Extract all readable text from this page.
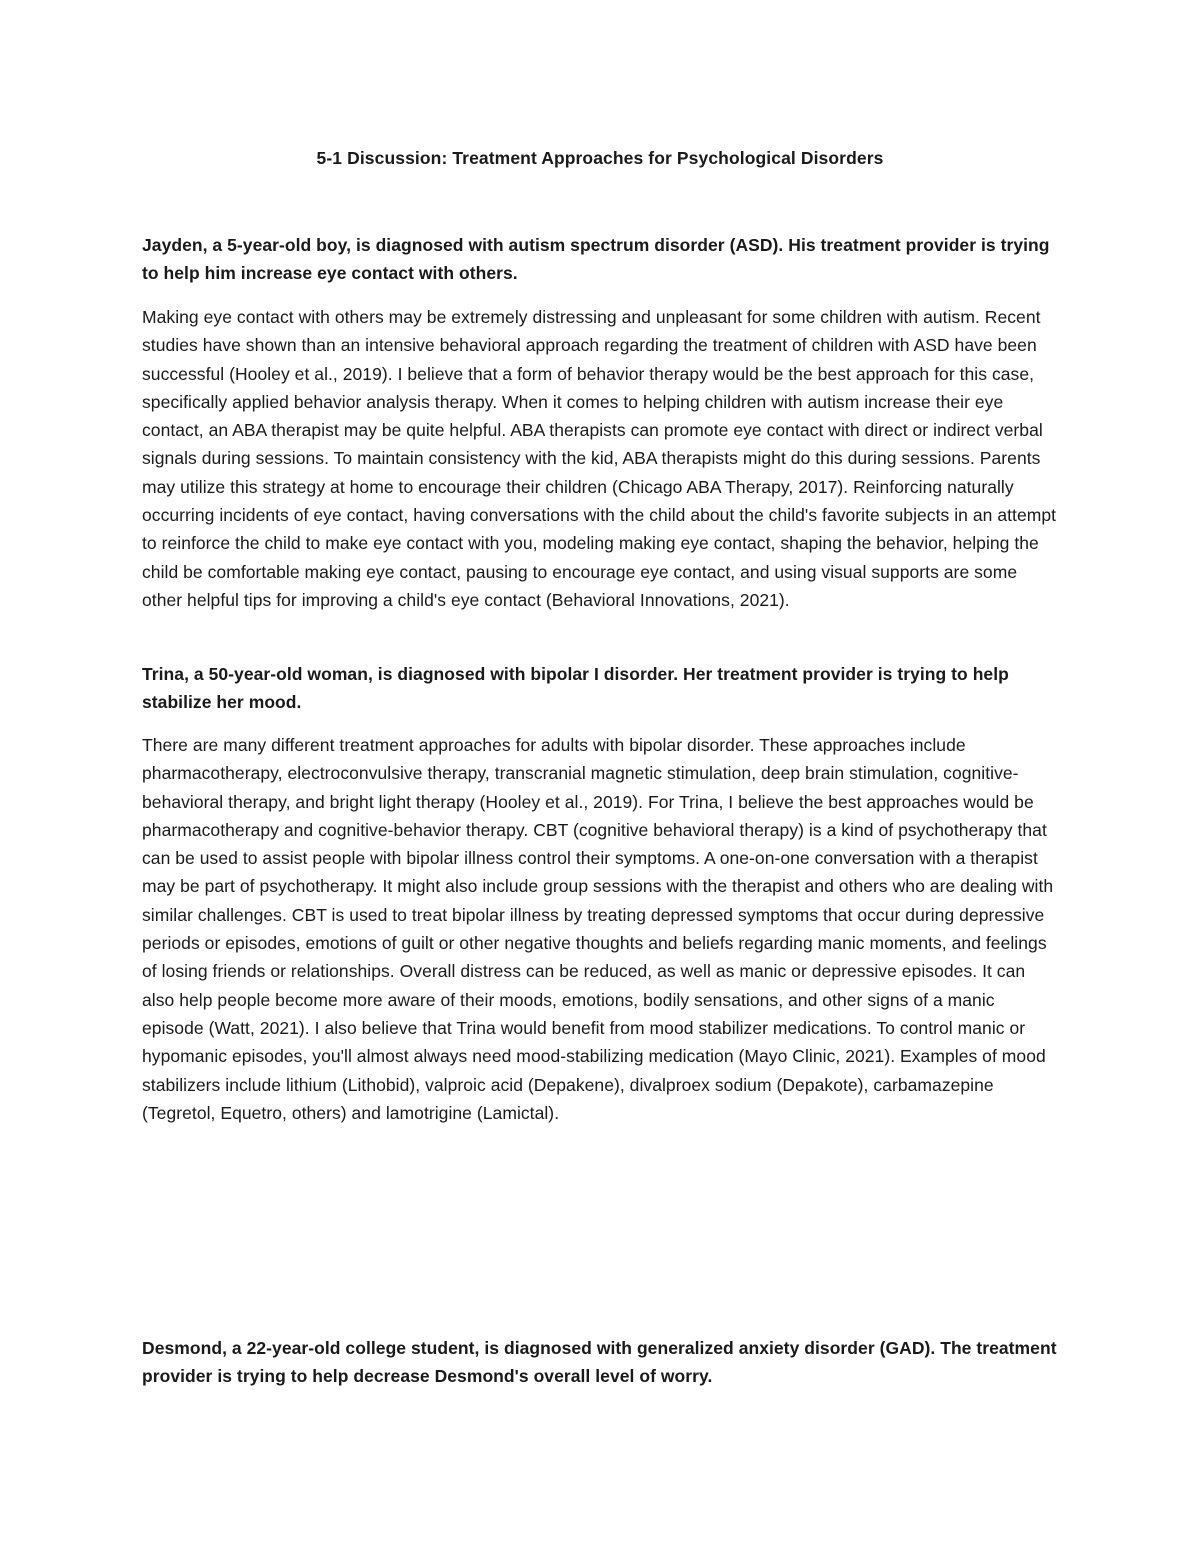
5-1 Discussion: Treatment Approaches for Psychological Disorders

Jayden, a 5-year-old boy, is diagnosed with autism spectrum disorder (ASD). His treatment provider is trying to help him increase eye contact with others.

Making eye contact with others may be extremely distressing and unpleasant for some children with autism. Recent studies have shown than an intensive behavioral approach regarding the treatment of children with ASD have been successful (Hooley et al., 2019). I believe that a form of behavior therapy would be the best approach for this case, specifically applied behavior analysis therapy. When it comes to helping children with autism increase their eye contact, an ABA therapist may be quite helpful. ABA therapists can promote eye contact with direct or indirect verbal signals during sessions. To maintain consistency with the kid, ABA therapists might do this during sessions. Parents may utilize this strategy at home to encourage their children (Chicago ABA Therapy, 2017). Reinforcing naturally occurring incidents of eye contact, having conversations with the child about the child's favorite subjects in an attempt to reinforce the child to make eye contact with you, modeling making eye contact, shaping the behavior, helping the child be comfortable making eye contact, pausing to encourage eye contact, and using visual supports are some other helpful tips for improving a child's eye contact (Behavioral Innovations, 2021).

Trina, a 50-year-old woman, is diagnosed with bipolar I disorder. Her treatment provider is trying to help stabilize her mood.

There are many different treatment approaches for adults with bipolar disorder. These approaches include pharmacotherapy, electroconvulsive therapy, transcranial magnetic stimulation, deep brain stimulation, cognitive-behavioral therapy, and bright light therapy (Hooley et al., 2019). For Trina, I believe the best approaches would be pharmacotherapy and cognitive-behavior therapy. CBT (cognitive behavioral therapy) is a kind of psychotherapy that can be used to assist people with bipolar illness control their symptoms. A one-on-one conversation with a therapist may be part of psychotherapy. It might also include group sessions with the therapist and others who are dealing with similar challenges. CBT is used to treat bipolar illness by treating depressed symptoms that occur during depressive periods or episodes, emotions of guilt or other negative thoughts and beliefs regarding manic moments, and feelings of losing friends or relationships. Overall distress can be reduced, as well as manic or depressive episodes. It can also help people become more aware of their moods, emotions, bodily sensations, and other signs of a manic episode (Watt, 2021). I also believe that Trina would benefit from mood stabilizer medications. To control manic or hypomanic episodes, you'll almost always need mood-stabilizing medication (Mayo Clinic, 2021). Examples of mood stabilizers include lithium (Lithobid), valproic acid (Depakene), divalproex sodium (Depakote), carbamazepine (Tegretol, Equetro, others) and lamotrigine (Lamictal).

Desmond, a 22-year-old college student, is diagnosed with generalized anxiety disorder (GAD). The treatment provider is trying to help decrease Desmond's overall level of worry.
